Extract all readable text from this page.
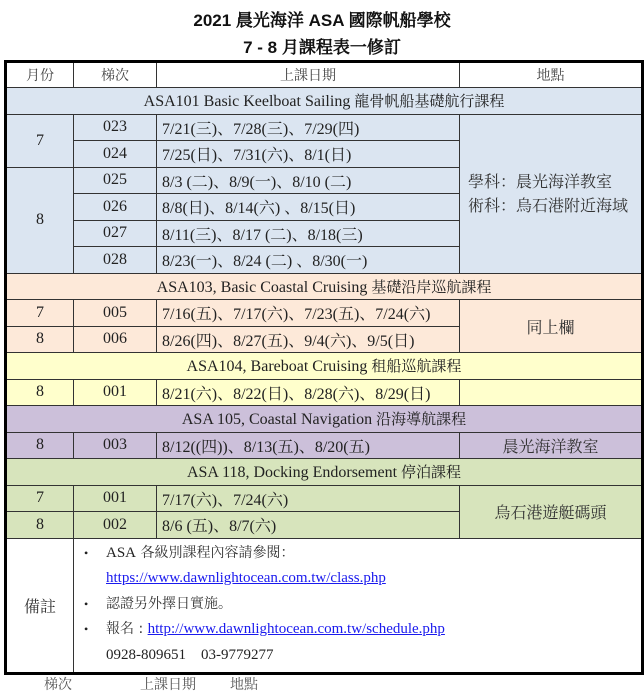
2021 晨光海洋 ASA 國際帆船學校
7 - 8 月課程表一修訂
月份	梯次	上課日期	地點
ASA101 Basic Keelboat Sailing 龍骨帆船基礎航行課程			
7	023	7/21(三)、7/28(三)、7/29(四)	學科：晨光海洋教室
術科：烏石港附近海域

	024	7/25(日)、7/31(六)、8/1(日)	
8	025	8/3 (二)、8/9(一)、8/10 (二)	
	026	8/8(日)、8/14(六) 、8/15(日)	
	027	8/11(三)、8/17 (二)、8/18(三)	
	028	8/23(一)、8/24 (二) 、8/30(一)	
ASA103, Basic Coastal Cruising 基礎沿岸巡航課程			
7	005	7/16(五)、7/17(六)、7/23(五)、7/24(六)	同上欄
8	006	8/26(四)、8/27(五)、9/4(六)、9/5(日)	
ASA104, Bareboat Cruising 租船巡航課程			
8	001	8/21(六)、8/22(日)、8/28(六)、8/29(日)	
ASA 105, Coastal Navigation 沿海導航課程			
8	003	8/12((四))、8/13(五)、8/20(五)	晨光海洋教室
ASA 118, Docking Endorsement 停泊課程			
7	001	7/17(六)、7/24(六)	烏石港遊艇碼頭
8	002	8/6 (五)、8/7(六)	
備註	• ASA 各級別課程內容請參閱：
https://www.dawnlightocean.com.tw/class.php
• 認證另外擇日實施。
• 報名 : http://www.dawnlightocean.com.tw/schedule.php
0928-809651    03-9779277		
梯次	上課日期 地點
